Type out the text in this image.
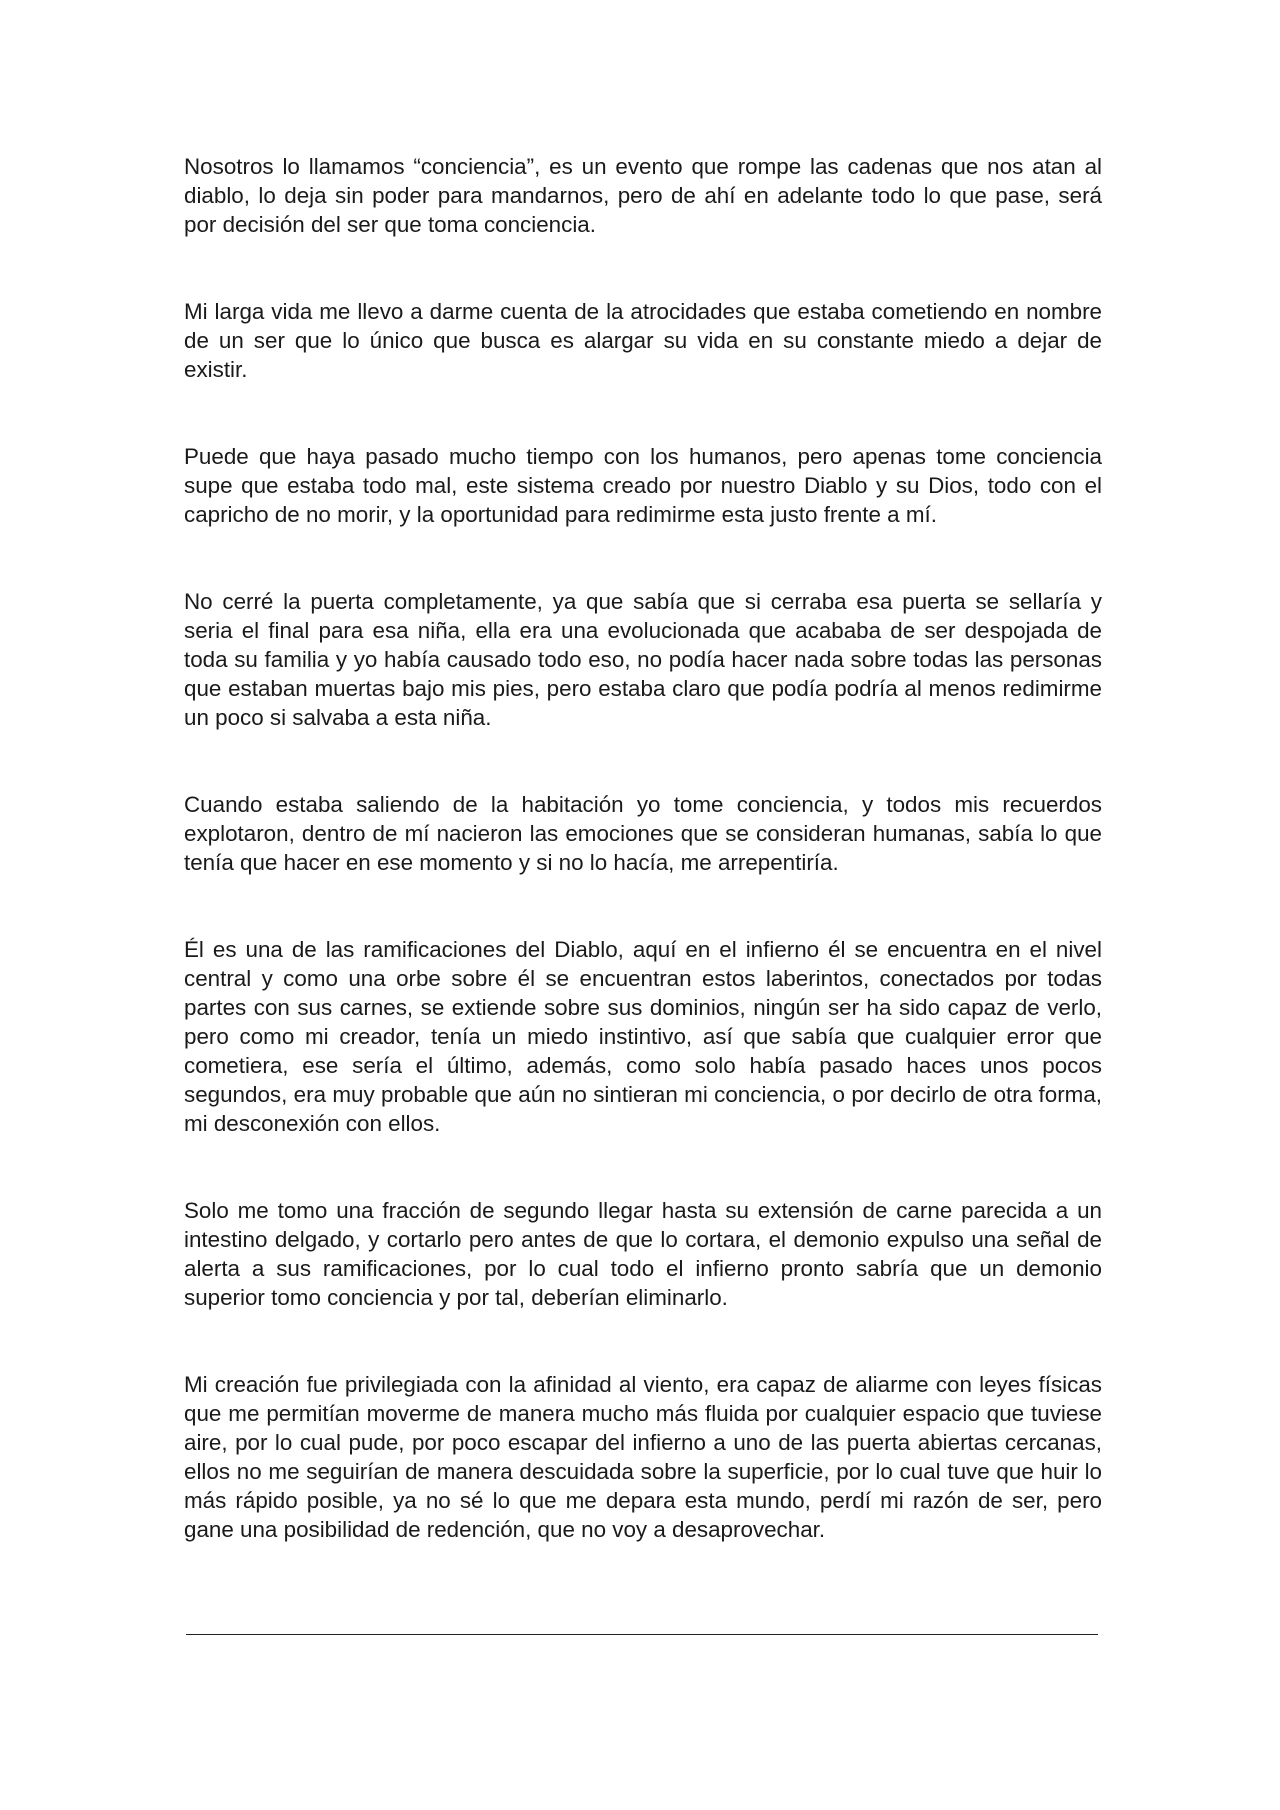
Nosotros lo llamamos “conciencia”, es un evento que rompe las cadenas que nos atan al diablo, lo deja sin poder para mandarnos, pero de ahí en adelante todo lo que pase, será por decisión del ser que toma conciencia.

Mi larga vida me llevo a darme cuenta de la atrocidades que estaba cometiendo en nombre de un ser que lo único que busca es alargar su vida en su constante miedo a dejar de existir.

Puede que haya pasado mucho tiempo con los humanos, pero apenas tome conciencia supe que estaba todo mal, este sistema creado por nuestro Diablo y su Dios, todo con el capricho de no morir, y la oportunidad para redimirme esta justo frente a mí.

No cerré la puerta completamente, ya que sabía que si cerraba esa puerta se sellaría y seria el final para esa niña, ella era una evolucionada que acababa de ser despojada de toda su familia y yo había causado todo eso, no podía hacer nada sobre todas las personas que estaban muertas bajo mis pies, pero estaba claro que podía podría al menos redimirme un poco si salvaba a esta niña.

Cuando estaba saliendo de la habitación yo tome conciencia, y todos mis recuerdos explotaron, dentro de mí nacieron las emociones que se consideran humanas, sabía lo que tenía que hacer en ese momento y si no lo hacía, me arrepentiría.

Él es una de las ramificaciones del Diablo, aquí en el infierno él se encuentra en el nivel central y como una orbe sobre él se encuentran estos laberintos, conectados por todas partes con sus carnes, se extiende sobre sus dominios, ningún ser ha sido capaz de verlo, pero como mi creador, tenía un miedo instintivo, así que sabía que cualquier error que cometiera, ese sería el último, además, como solo había pasado haces unos pocos segundos, era muy probable que aún no sintieran mi conciencia, o por decirlo de otra forma, mi desconexión con ellos.

Solo me tomo una fracción de segundo llegar hasta su extensión de carne parecida a un intestino delgado, y cortarlo pero antes de que lo cortara, el demonio expulso una señal de alerta a sus ramificaciones, por lo cual todo el infierno pronto sabría que un demonio superior tomo conciencia y por tal, deberían eliminarlo.

Mi creación fue privilegiada con la afinidad al viento, era capaz de aliarme con leyes físicas que me permitían moverme de manera mucho más fluida por cualquier espacio que tuviese aire, por lo cual pude, por poco escapar del infierno a uno de las puerta abiertas cercanas, ellos no me seguirían de manera descuidada sobre la superficie, por lo cual tuve que huir lo más rápido posible, ya no sé lo que me depara esta mundo, perdí mi razón de ser, pero gane una posibilidad de redención, que no voy a desaprovechar.
